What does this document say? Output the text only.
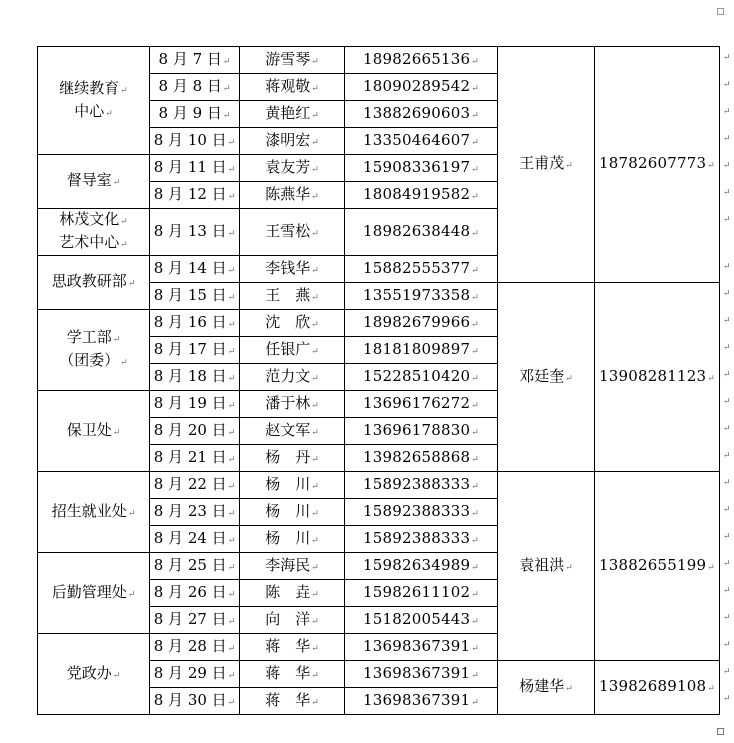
继续教育↵
中心↵	8 月 7 日↵	游雪琴↵	18982665136↵	王甫茂↵	18782607773↵
	8 月 8 日↵	蒋观敬↵	18090289542↵		
	8 月 9 日↵	黄艳红↵	13882690603↵		
	8 月 10 日↵	漆明宏↵	13350464607↵		
督导室↵	8 月 11 日↵	袁友芳↵	15908336197↵		
	8 月 12 日↵	陈燕华↵	18084919582↵		
林茂文化↵
艺术中心↵	8 月 13 日↵	王雪松↵	18982638448↵		
思政教研部↵	8 月 14 日↵	李钱华↵	15882555377↵		
	8 月 15 日↵	王　燕↵	13551973358↵	邓廷奎↵	13908281123↵
学工部↵
（团委）↵	8 月 16 日↵	沈　欣↵	18982679966↵		
	8 月 17 日↵	任银广↵	18181809897↵		
	8 月 18 日↵	范力文↵	15228510420↵		
保卫处↵	8 月 19 日↵	潘于林↵	13696176272↵		
	8 月 20 日↵	赵文军↵	13696178830↵		
	8 月 21 日↵	杨　丹↵	13982658868↵		
招生就业处↵	8 月 22 日↵	杨　川↵	15892388333↵	袁祖洪↵	13882655199↵
	8 月 23 日↵	杨　川↵	15892388333↵		
	8 月 24 日↵	杨　川↵	15892388333↵		
后勤管理处↵	8 月 25 日↵	李海民↵	15982634989↵		
	8 月 26 日↵	陈　垚↵	15982611102↵		
	8 月 27 日↵	向　洋↵	15182005443↵		
党政办↵	8 月 28 日↵	蒋　华↵	13698367391↵		
	8 月 29 日↵	蒋　华↵	13698367391↵	杨建华↵	13982689108↵
	8 月 30 日↵	蒋　华↵	13698367391↵		
↵
↵
↵
↵
↵
↵
↵
↵
↵
↵
↵
↵
↵
↵
↵
↵
↵
↵
↵
↵
↵
↵
↵
↵
